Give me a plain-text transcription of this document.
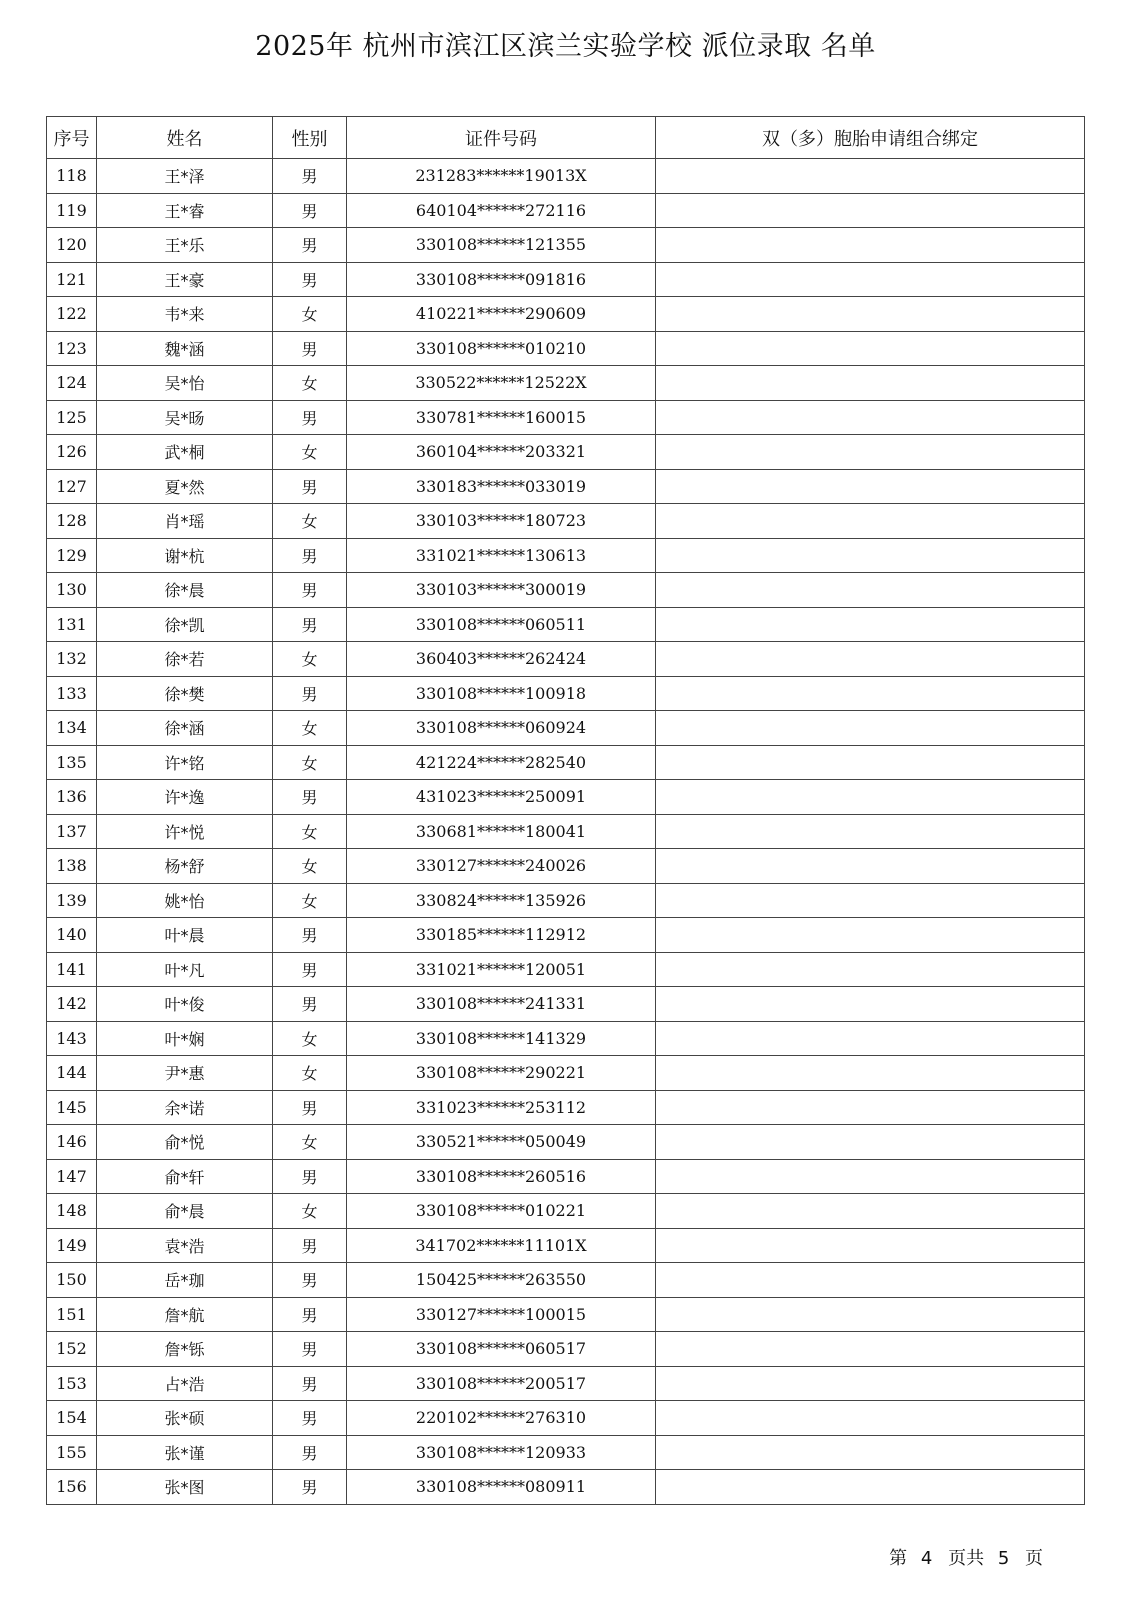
2025年 杭州市滨江区滨兰实验学校 派位录取 名单
序号	姓名	性别	证件号码	双（多）胞胎申请组合绑定
118	王*泽	男	231283******19013X	
119	王*睿	男	640104******272116	
120	王*乐	男	330108******121355	
121	王*豪	男	330108******091816	
122	韦*来	女	410221******290609	
123	魏*涵	男	330108******010210	
124	吴*怡	女	330522******12522X	
125	吴*旸	男	330781******160015	
126	武*桐	女	360104******203321	
127	夏*然	男	330183******033019	
128	肖*瑶	女	330103******180723	
129	谢*杭	男	331021******130613	
130	徐*晨	男	330103******300019	
131	徐*凯	男	330108******060511	
132	徐*若	女	360403******262424	
133	徐*樊	男	330108******100918	
134	徐*涵	女	330108******060924	
135	许*铭	女	421224******282540	
136	许*逸	男	431023******250091	
137	许*悦	女	330681******180041	
138	杨*舒	女	330127******240026	
139	姚*怡	女	330824******135926	
140	叶*晨	男	330185******112912	
141	叶*凡	男	331021******120051	
142	叶*俊	男	330108******241331	
143	叶*娴	女	330108******141329	
144	尹*惠	女	330108******290221	
145	余*诺	男	331023******253112	
146	俞*悦	女	330521******050049	
147	俞*轩	男	330108******260516	
148	俞*晨	女	330108******010221	
149	袁*浩	男	341702******11101X	
150	岳*珈	男	150425******263550	
151	詹*航	男	330127******100015	
152	詹*铄	男	330108******060517	
153	占*浩	男	330108******200517	
154	张*硕	男	220102******276310	
155	张*谨	男	330108******120933	
156	张*图	男	330108******080911	
第 4 页共 5 页
